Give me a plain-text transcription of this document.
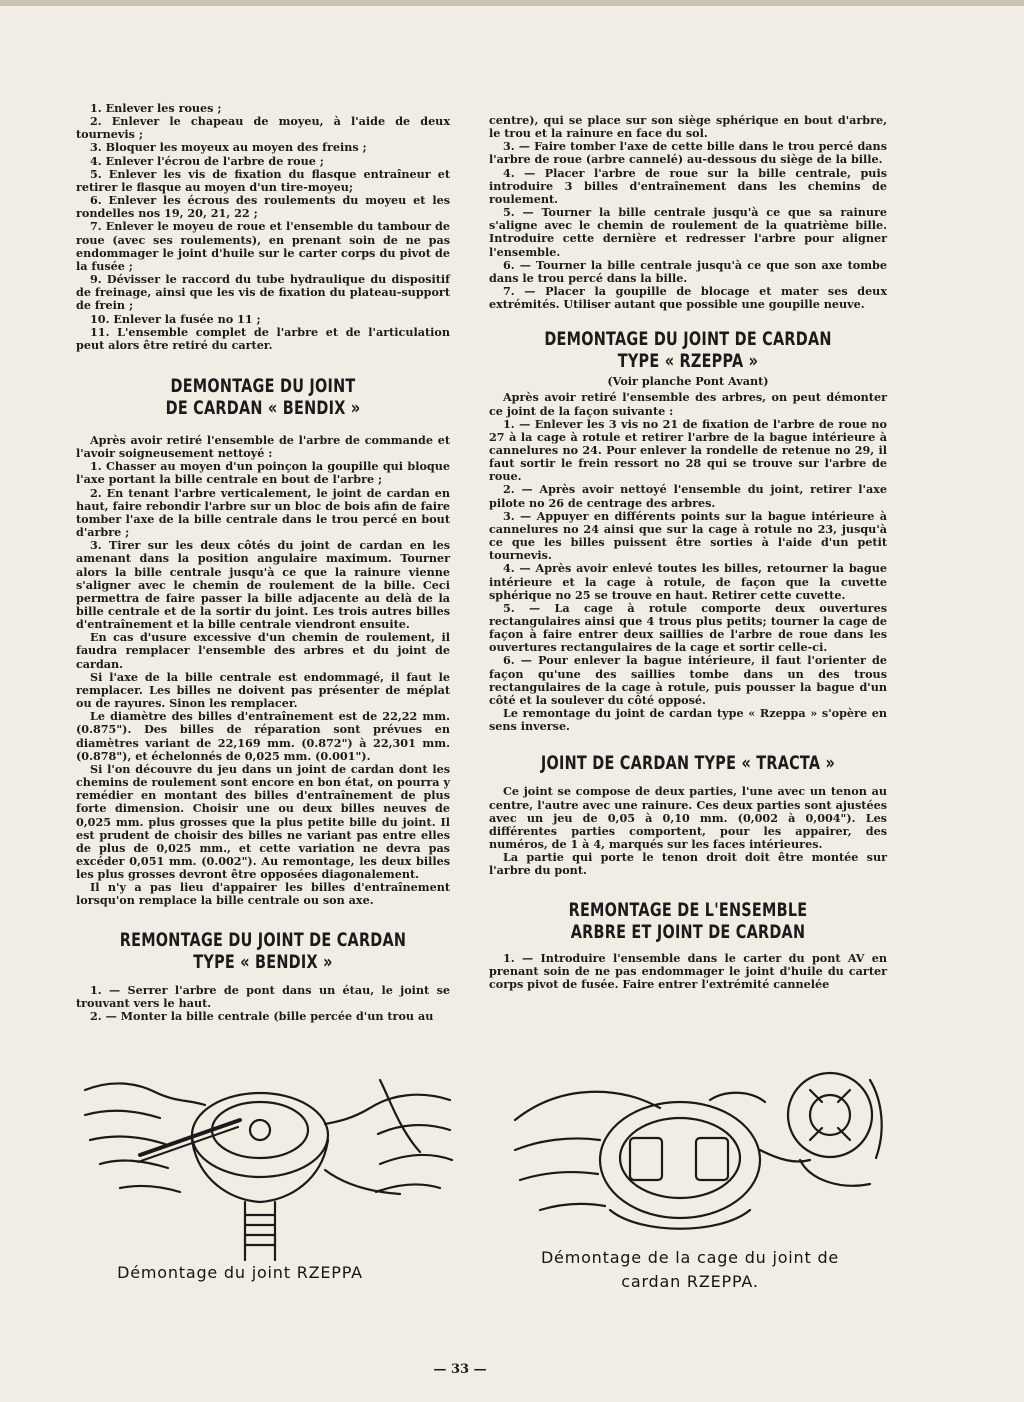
1. Enlever les roues ;

2. Enlever le chapeau de moyeu, à l'aide de deux tournevis ;

3. Bloquer les moyeux au moyen des freins ;

4. Enlever l'écrou de l'arbre de roue ;

5. Enlever les vis de fixation du flasque entraîneur et retirer le flasque au moyen d'un tire-moyeu;

6. Enlever les écrous des roulements du moyeu et les rondelles nos 19, 20, 21, 22 ;

7. Enlever le moyeu de roue et l'ensemble du tambour de roue (avec ses roulements), en prenant soin de ne pas endommager le joint d'huile sur le carter corps du pivot de la fusée ;

9. Dévisser le raccord du tube hydraulique du dispositif de freinage, ainsi que les vis de fixation du plateau-support de frein ;

10. Enlever la fusée no 11 ;

11. L'ensemble complet de l'arbre et de l'articulation peut alors être retiré du carter.

DEMONTAGE DU JOINT
DE CARDAN « BENDIX »

Après avoir retiré l'ensemble de l'arbre de commande et l'avoir soigneusement nettoyé :

1. Chasser au moyen d'un poinçon la goupille qui bloque l'axe portant la bille centrale en bout de l'arbre ;

2. En tenant l'arbre verticalement, le joint de cardan en haut, faire rebondir l'arbre sur un bloc de bois afin de faire tomber l'axe de la bille centrale dans le trou percé en bout d'arbre ;

3. Tirer sur les deux côtés du joint de cardan en les amenant dans la position angulaire maximum. Tourner alors la bille centrale jusqu'à ce que la rainure vienne s'aligner avec le chemin de roulement de la bille. Ceci permettra de faire passer la bille adjacente au delà de la bille centrale et de la sortir du joint. Les trois autres billes d'entraînement et la bille centrale viendront ensuite.

En cas d'usure excessive d'un chemin de roulement, il faudra remplacer l'ensemble des arbres et du joint de cardan.

Si l'axe de la bille centrale est endommagé, il faut le remplacer. Les billes ne doivent pas présenter de méplat ou de rayures. Sinon les remplacer.

Le diamètre des billes d'entraînement est de 22,22 mm. (0.875"). Des billes de réparation sont prévues en diamètres variant de 22,169 mm. (0.872") à 22,301 mm. (0.878"), et échelonnés de 0,025 mm. (0.001").

Si l'on découvre du jeu dans un joint de cardan dont les chemins de roulement sont encore en bon état, on pourra y remédier en montant des billes d'entraînement de plus forte dimension. Choisir une ou deux billes neuves de 0,025 mm. plus grosses que la plus petite bille du joint. Il est prudent de choisir des billes ne variant pas entre elles de plus de 0,025 mm., et cette variation ne devra pas excéder 0,051 mm. (0.002"). Au remontage, les deux billes les plus grosses devront être opposées diagonalement.

Il n'y a pas lieu d'appairer les billes d'entraînement lorsqu'on remplace la bille centrale ou son axe.

REMONTAGE DU JOINT DE CARDAN
TYPE « BENDIX »

1. — Serrer l'arbre de pont dans un étau, le joint se trouvant vers le haut.

2. — Monter la bille centrale (bille percée d'un trou au

centre), qui se place sur son siège sphérique en bout d'arbre, le trou et la rainure en face du sol.

3. — Faire tomber l'axe de cette bille dans le trou percé dans l'arbre de roue (arbre cannelé) au-dessous du siège de la bille.

4. — Placer l'arbre de roue sur la bille centrale, puis introduire 3 billes d'entraînement dans les chemins de roulement.

5. — Tourner la bille centrale jusqu'à ce que sa rainure s'aligne avec le chemin de roulement de la quatrième bille. Introduire cette dernière et redresser l'arbre pour aligner l'ensemble.

6. — Tourner la bille centrale jusqu'à ce que son axe tombe dans le trou percé dans la bille.

7. — Placer la goupille de blocage et mater ses deux extrémités. Utiliser autant que possible une goupille neuve.

DEMONTAGE DU JOINT DE CARDAN
TYPE « RZEPPA »
(Voir planche Pont Avant)

Après avoir retiré l'ensemble des arbres, on peut démonter ce joint de la façon suivante :

1. — Enlever les 3 vis no 21 de fixation de l'arbre de roue no 27 à la cage à rotule et retirer l'arbre de la bague intérieure à cannelures no 24. Pour enlever la rondelle de retenue no 29, il faut sortir le frein ressort no 28 qui se trouve sur l'arbre de roue.

2. — Après avoir nettoyé l'ensemble du joint, retirer l'axe pilote no 26 de centrage des arbres.

3. — Appuyer en différents points sur la bague intérieure à cannelures no 24 ainsi que sur la cage à rotule no 23, jusqu'à ce que les billes puissent être sorties à l'aide d'un petit tournevis.

4. — Après avoir enlevé toutes les billes, retourner la bague intérieure et la cage à rotule, de façon que la cuvette sphérique no 25 se trouve en haut. Retirer cette cuvette.

5. — La cage à rotule comporte deux ouvertures rectangulaires ainsi que 4 trous plus petits; tourner la cage de façon à faire entrer deux saillies de l'arbre de roue dans les ouvertures rectangulaires de la cage et sortir celle-ci.

6. — Pour enlever la bague intérieure, il faut l'orienter de façon qu'une des saillies tombe dans un des trous rectangulaires de la cage à rotule, puis pousser la bague d'un côté et la soulever du côté opposé.

Le remontage du joint de cardan type « Rzeppa » s'opère en sens inverse.

JOINT DE CARDAN TYPE « TRACTA »

Ce joint se compose de deux parties, l'une avec un tenon au centre, l'autre avec une rainure. Ces deux parties sont ajustées avec un jeu de 0,05 à 0,10 mm. (0,002 à 0,004"). Les différentes parties comportent, pour les appairer, des numéros, de 1 à 4, marqués sur les faces intérieures.

La partie qui porte le tenon droit doit être montée sur l'arbre du pont.

REMONTAGE DE L'ENSEMBLE
ARBRE ET JOINT DE CARDAN

1. — Introduire l'ensemble dans le carter du pont AV en prenant soin de ne pas endommager le joint d'huile du carter corps pivot de fusée. Faire entrer l'extrémité cannelée

Démontage du joint RZEPPA
Démontage de la cage du joint de
cardan RZEPPA.
— 33 —
